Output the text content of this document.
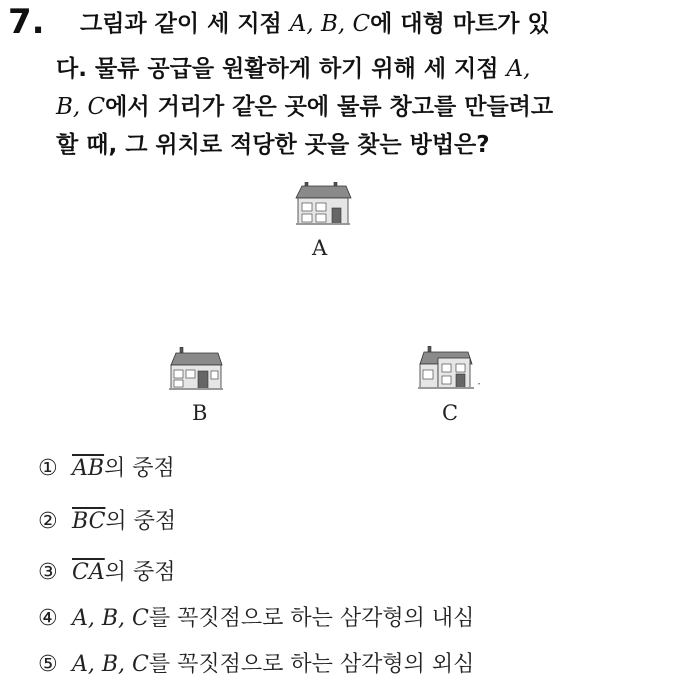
7. 그림과 같이 세 지점 A, B, C에 대형 마트가 있
다. 물류 공급을 원활하게 하기 위해 세 지점 A,
B, C에서 거리가 같은 곳에 물류 창고를 만들려고
할 때, 그 위치로 적당한 곳을 찾는 방법은?
A
B
•
C
① $\overline{AB}$의 중점
② $\overline{BC}$의 중점
③ $\overline{CA}$의 중점
④ A, B, C를 꼭짓점으로 하는 삼각형의 내심
⑤ A, B, C를 꼭짓점으로 하는 삼각형의 외심
